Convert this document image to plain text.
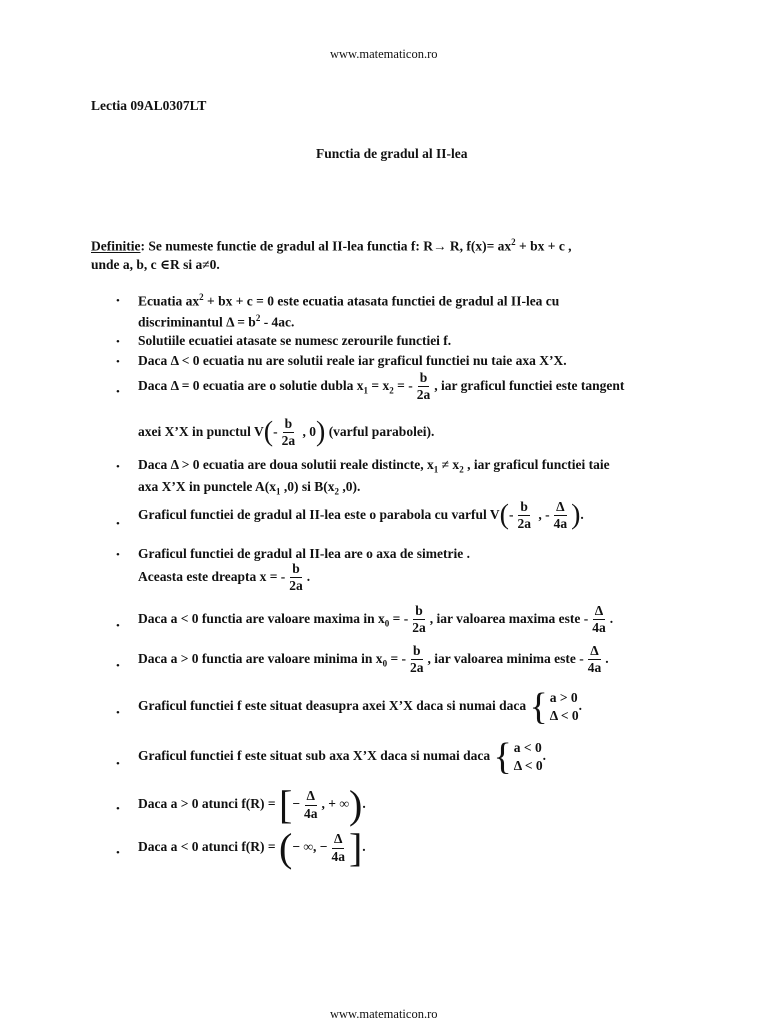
www.matematicon.ro
Lectia 09AL0307LT
Functia de gradul al II-lea
Definitie: Se numeste functie de gradul al II-lea functia f: R→ R, $f(x)= ax^2$ + bx + c ,
unde a, b, c ∈R si a≠0.
• Ecuatia $ax^2$ + bx + c = 0 este ecuatia atasata functiei de gradul al II-lea cu
discriminantul $\Delta = b^2 - 4ac$.
• Solutiile ecuatiei atasate se numesc zerourile functiei f.
• Daca Δ < 0 ecuatia nu are solutii reale iar graficul functiei nu taie axa X’X.
• Daca Δ = 0 ecuatia are o solutie dubla $x_1 = x_2$ = - $\frac{b}{2a}$ , iar graficul functiei este tangent
axei X’X in punctul $V(- \frac{b}{2a}$ , 0) (varful parabolei).
• Daca Δ > 0 ecuatia are doua solutii reale distincte, $x_1 \ne x_2$ , iar graficul functiei taie
axa X’X in punctele $A(x_1$ ,0) si $B(x_2$ ,0).
•
Graficul functiei de gradul al II-lea este o parabola cu varful $V(- \frac{b}{2a}$ , - $\frac{\Delta}{4a}$ ).
• Graficul functiei de gradul al II-lea are o axa de simetrie .
Aceasta este dreapta x = - $\frac{b}{2a}$ .
•
Daca a < 0 functia are valoare maxima in $x_0$ = - $\frac{b}{2a}$ , iar valoarea maxima este - $\frac{\Delta}{4a}$ .
•
Daca a > 0 functia are valoare minima in $x_0$ = - $\frac{b}{2a}$ , iar valoarea minima este - $\frac{\Delta}{4a}$ .
• Graficul functiei f este situat deasupra axei X’X daca si numai daca { a > 0
Δ < 0
.
•
Graficul functiei f este situat sub axa X’X daca si numai daca { a < 0
Δ < 0
.
• Daca a > 0 atunci f(R) = [− $\frac{\Delta}{4a}$ , + ∞).
• Daca a < 0 atunci f(R) = (− ∞, − $\frac{\Delta}{4a}$ ].
www.matematicon.ro
